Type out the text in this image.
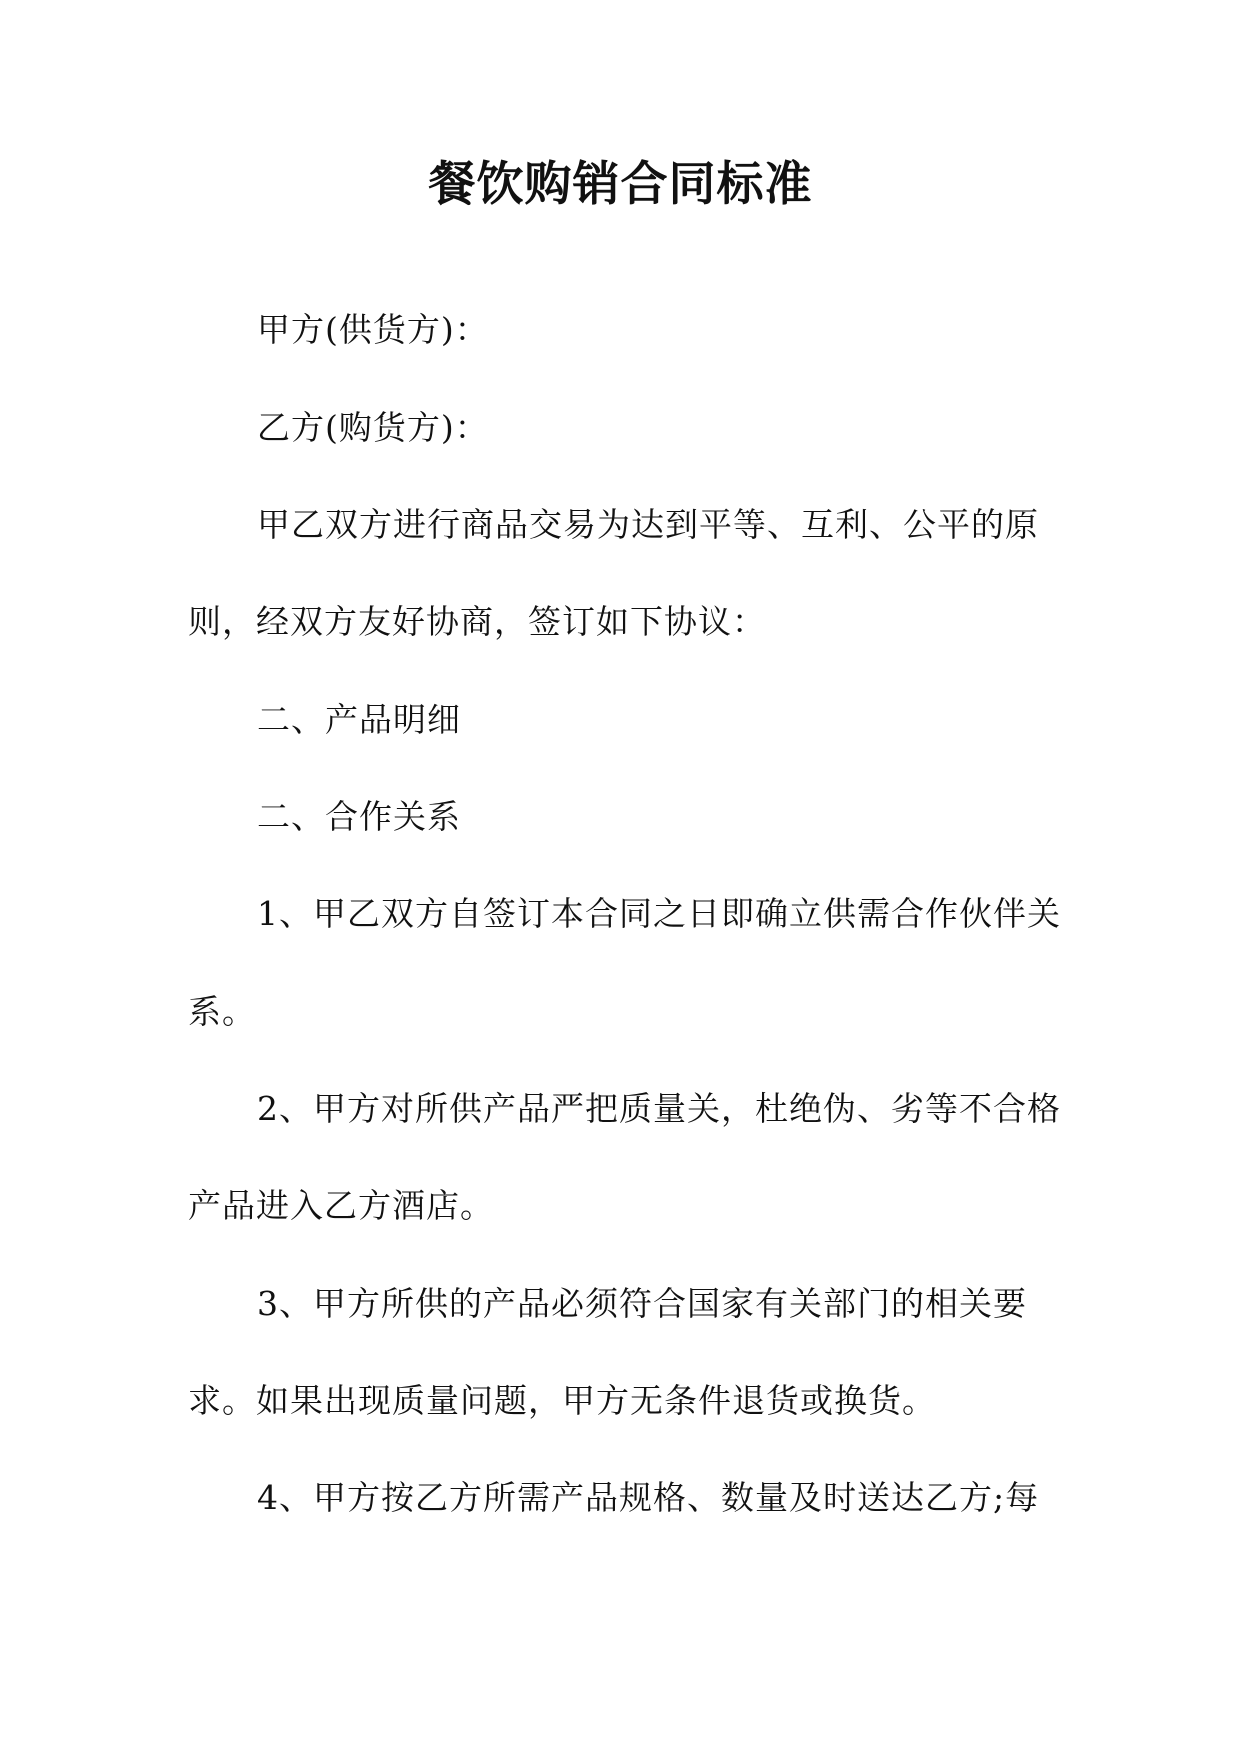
餐饮购销合同标准

甲方(供货方)：

乙方(购货方)：

甲乙双方进行商品交易为达到平等、互利、公平的原

则，经双方友好协商，签订如下协议：

二、产品明细

二、合作关系

1、甲乙双方自签订本合同之日即确立供需合作伙伴关

系。

2、甲方对所供产品严把质量关，杜绝伪、劣等不合格

产品进入乙方酒店。

3、甲方所供的产品必须符合国家有关部门的相关要

求。如果出现质量问题，甲方无条件退货或换货。

4、甲方按乙方所需产品规格、数量及时送达乙方;每
